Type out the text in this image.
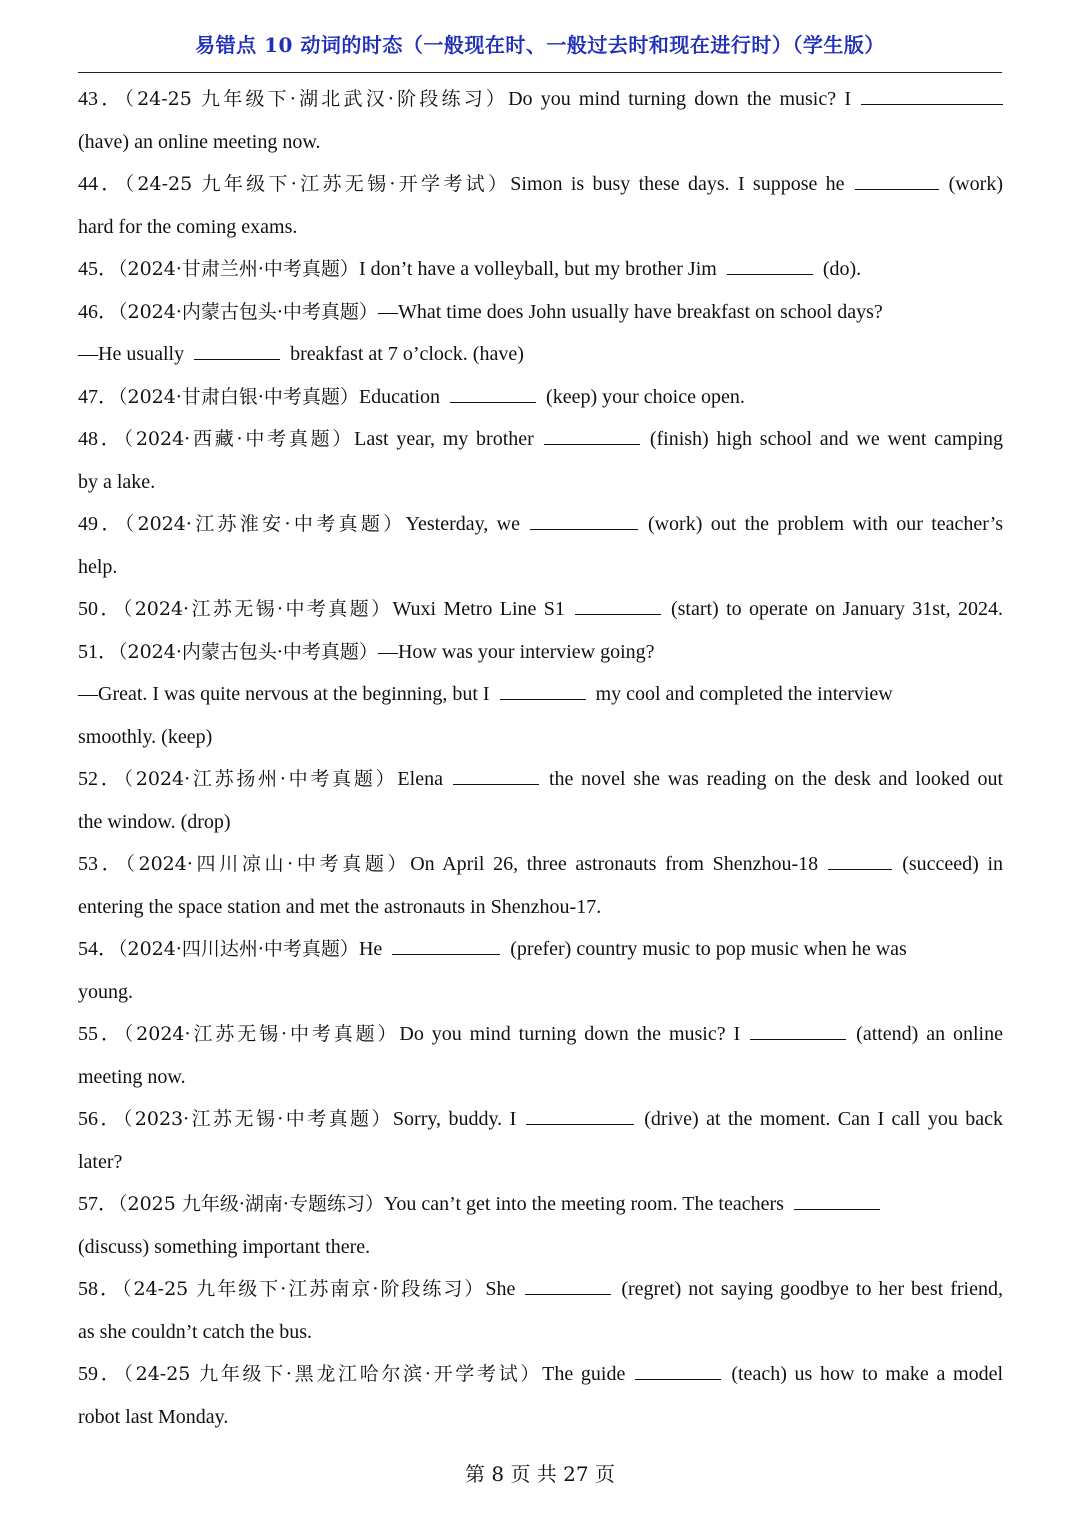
易错点 10 动词的时态（一般现在时、一般过去时和现在进行时）（学生版）
43．（24-25 九年级下·湖北武汉·阶段练习）Do you mind turning down the music? I
(have) an online meeting now.
44．（24-25 九年级下·江苏无锡·开学考试）Simon is busy these days. I suppose he	(work)
hard for the coming exams.
45．（2024·甘肃兰州·中考真题）I don’t have a volleyball, but my brother Jim	(do).
46．（2024·内蒙古包头·中考真题）—What time does John usually have breakfast on school days?
—He usually	breakfast at 7 o’clock. (have)
47．（2024·甘肃白银·中考真题）Education	(keep) your choice open.
48．（2024·西藏·中考真题）Last year, my brother	(finish) high school and we went camping
by a lake.
49．（2024·江苏淮安·中考真题）Yesterday, we	(work) out the problem with our teacher’s
help.
50．（2024·江苏无锡·中考真题）Wuxi Metro Line S1	(start) to operate on January 31st, 2024.
51．（2024·内蒙古包头·中考真题）—How was your interview going?
—Great. I was quite nervous at the beginning, but I	my cool and completed the interview
smoothly. (keep)
52．（2024·江苏扬州·中考真题）Elena	the novel she was reading on the desk and looked out
the window. (drop)
53．（2024·四川凉山·中考真题）On April 26, three astronauts from Shenzhou-18	(succeed) in
entering the space station and met the astronauts in Shenzhou-17.
54．（2024·四川达州·中考真题）He	(prefer) country music to pop music when he was
young.
55．（2024·江苏无锡·中考真题）Do you mind turning down the music? I	(attend) an online
meeting now.
56．（2023·江苏无锡·中考真题）Sorry, buddy. I	(drive) at the moment. Can I call you back
later?
57．（2025 九年级·湖南·专题练习）You can’t get into the meeting room. The teachers
(discuss) something important there.
58．（24-25 九年级下·江苏南京·阶段练习）She	(regret) not saying goodbye to her best friend,
as she couldn’t catch the bus.
59．（24-25 九年级下·黑龙江哈尔滨·开学考试）The guide	(teach) us how to make a model
robot last Monday.
第 8 页 共 27 页
